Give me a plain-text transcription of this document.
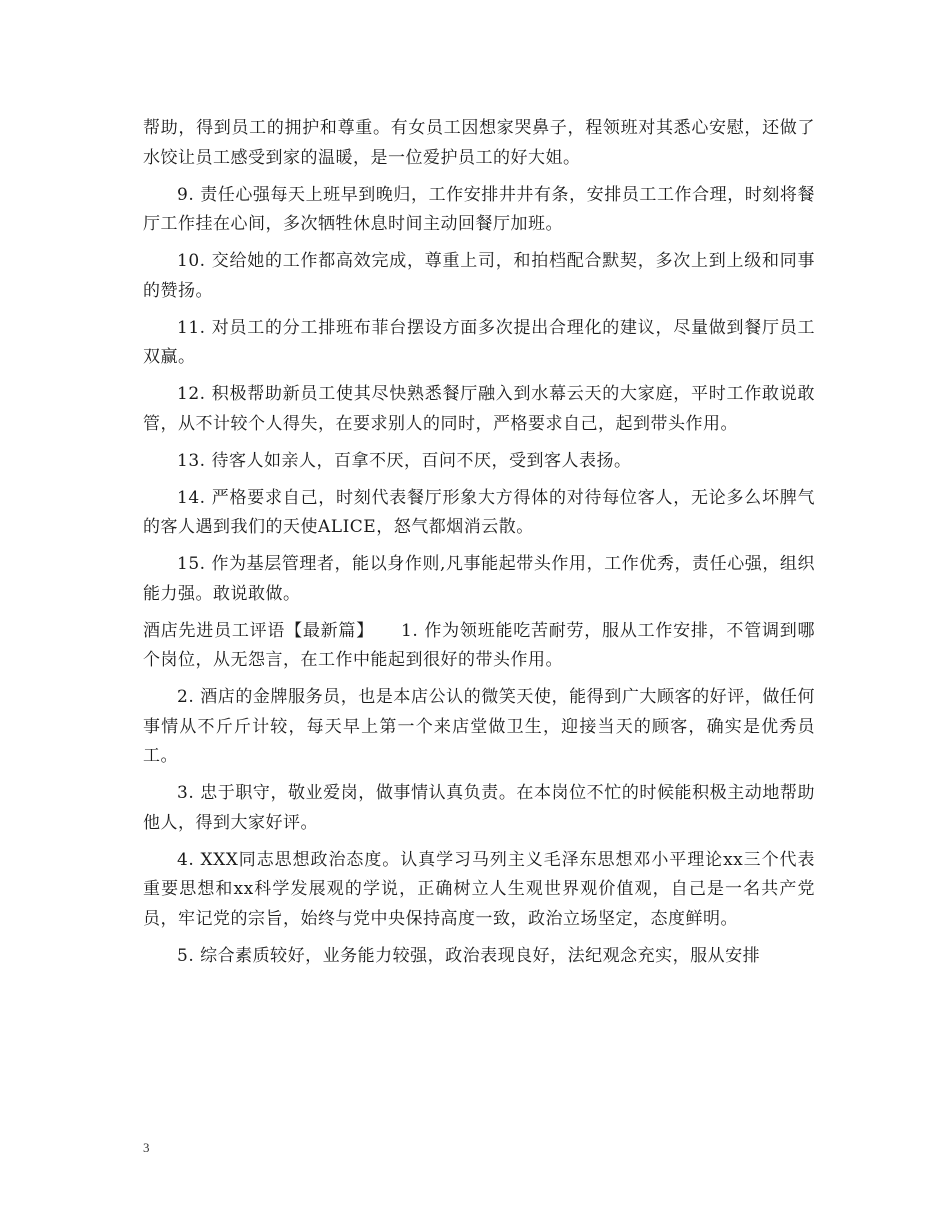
帮助，得到员工的拥护和尊重。有女员工因想家哭鼻子，程领班对其悉心安慰，还做了水饺让员工感受到家的温暖，是一位爱护员工的好大姐。

9. 责任心强每天上班早到晚归，工作安排井井有条，安排员工工作合理，时刻将餐厅工作挂在心间，多次牺牲休息时间主动回餐厅加班。

10. 交给她的工作都高效完成，尊重上司，和拍档配合默契，多次上到上级和同事的赞扬。

11. 对员工的分工排班布菲台摆设方面多次提出合理化的建议，尽量做到餐厅员工双赢。

12. 积极帮助新员工使其尽快熟悉餐厅融入到水幕云天的大家庭，平时工作敢说敢管，从不计较个人得失，在要求别人的同时，严格要求自己，起到带头作用。

13. 待客人如亲人，百拿不厌，百问不厌，受到客人表扬。

14. 严格要求自己，时刻代表餐厅形象大方得体的对待每位客人，无论多么坏脾气的客人遇到我们的天使ALICE，怒气都烟消云散。

15. 作为基层管理者，能以身作则,凡事能起带头作用，工作优秀，责任心强，组织能力强。敢说敢做。

酒店先进员工评语【最新篇】　　1. 作为领班能吃苦耐劳，服从工作安排，不管调到哪个岗位，从无怨言，在工作中能起到很好的带头作用。

2. 酒店的金牌服务员，也是本店公认的微笑天使，能得到广大顾客的好评，做任何事情从不斤斤计较，每天早上第一个来店堂做卫生，迎接当天的顾客，确实是优秀员工。

3. 忠于职守，敬业爱岗，做事情认真负责。在本岗位不忙的时候能积极主动地帮助他人，得到大家好评。

4. XXX同志思想政治态度。认真学习马列主义毛泽东思想邓小平理论xx三个代表重要思想和xx科学发展观的学说，正确树立人生观世界观价值观，自己是一名共产党员，牢记党的宗旨，始终与党中央保持高度一致，政治立场坚定，态度鲜明。

5. 综合素质较好，业务能力较强，政治表现良好，法纪观念充实，服从安排

3
